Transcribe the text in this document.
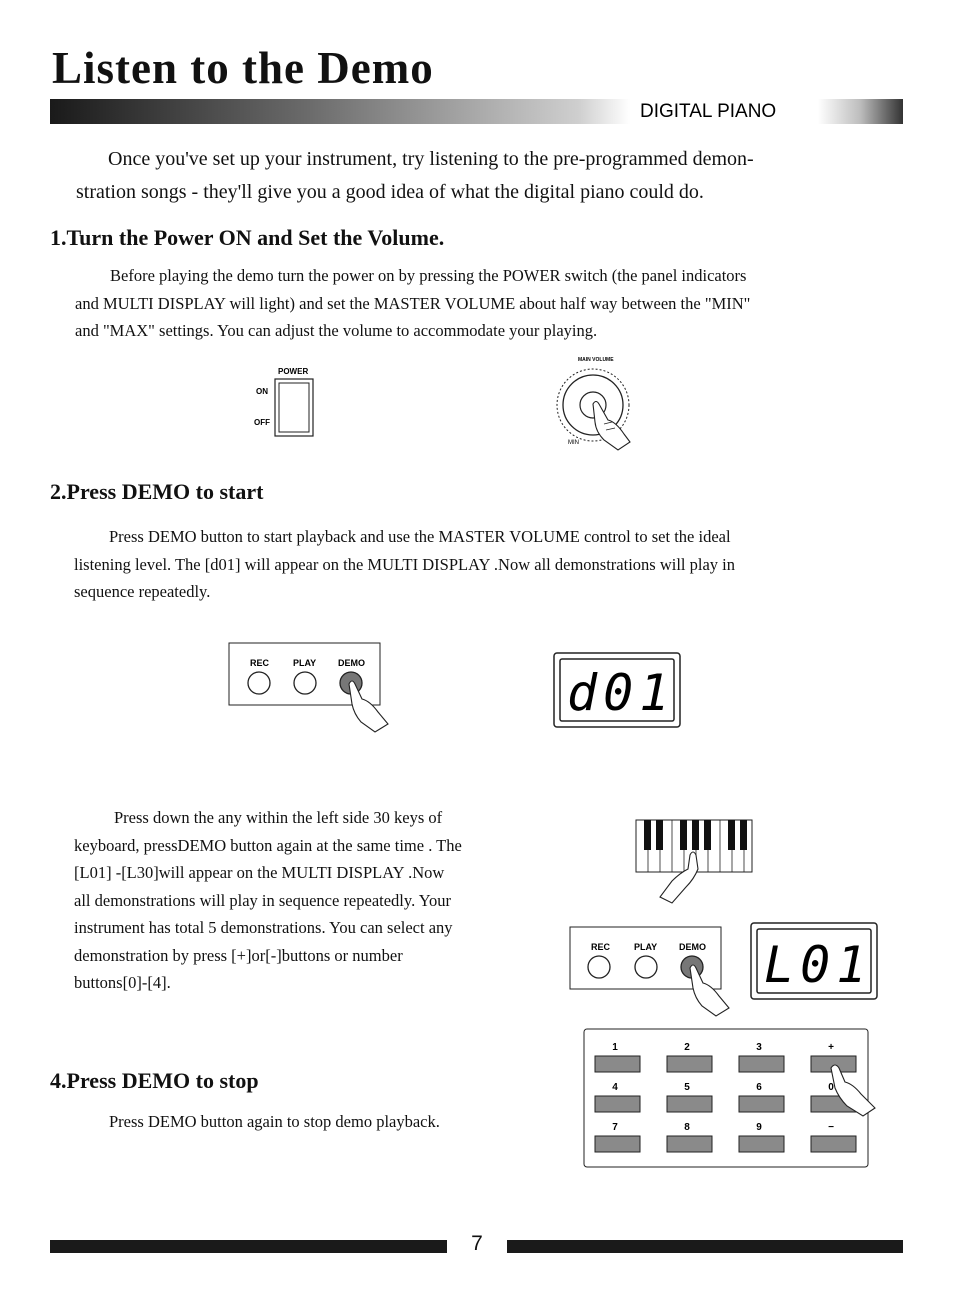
Listen to the Demo
DIGITAL PIANO
Once you've set up your instrument, try listening to the pre-programmed demon-
stration songs - they'll give you a good idea of what the digital piano could do.
1.Turn the Power ON and Set the Volume.
Before playing the demo turn the power on by pressing the POWER switch (the panel indicators
and MULTI DISPLAY will light) and set the MASTER VOLUME about half way between the "MIN"
and "MAX" settings. You can adjust the volume to accommodate your playing.
POWER
ON
OFF
MAIN VOLUME
MIN
2.Press DEMO to start
Press DEMO button to start playback and use the MASTER VOLUME control to set the ideal
listening level. The [d01] will appear on the MULTI DISPLAY .Now all demonstrations will play in
sequence repeatedly.
REC	PLAY DEMO
d01
Press down the any within the left side 30 keys of
keyboard, pressDEMO button again at the same time . The
[L01] -[L30]will appear on the MULTI DISPLAY .Now
all demonstrations will play in sequence repeatedly. Your
instrument has total 5 demonstrations. You can select any
demonstration by press [+]or[-]buttons or number
buttons[0]-[4].
REC	PLAY DEMO L01
1	2	3	+
4	5	6	0
7	8	9	−
4.Press DEMO to stop
Press DEMO button again to stop demo playback.
7
